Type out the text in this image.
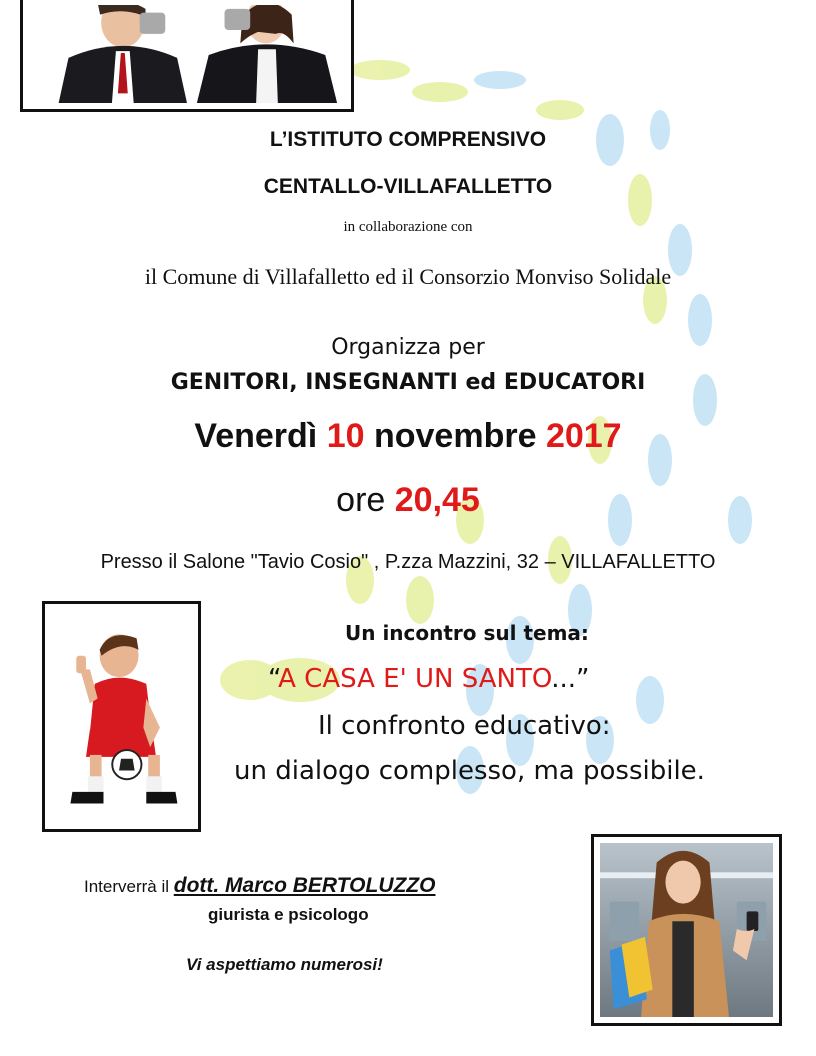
L’ISTITUTO COMPRENSIVO
CENTALLO-VILLAFALLETTO
in collaborazione con
il Comune di Villafalletto ed il Consorzio Monviso Solidale
Organizza per
GENITORI, INSEGNANTI ed EDUCATORI
Venerdì 10 novembre 2017
ore 20,45
Presso il Salone "Tavio Cosio" , P.zza Mazzini, 32 – VILLAFALLETTO
Un incontro sul tema:
“A CASA E' UN SANTO...”
Il confronto educativo:
un dialogo complesso, ma possibile.
Interverrà il dott. Marco BERTOLUZZO
giurista e psicologo
Vi aspettiamo numerosi!
